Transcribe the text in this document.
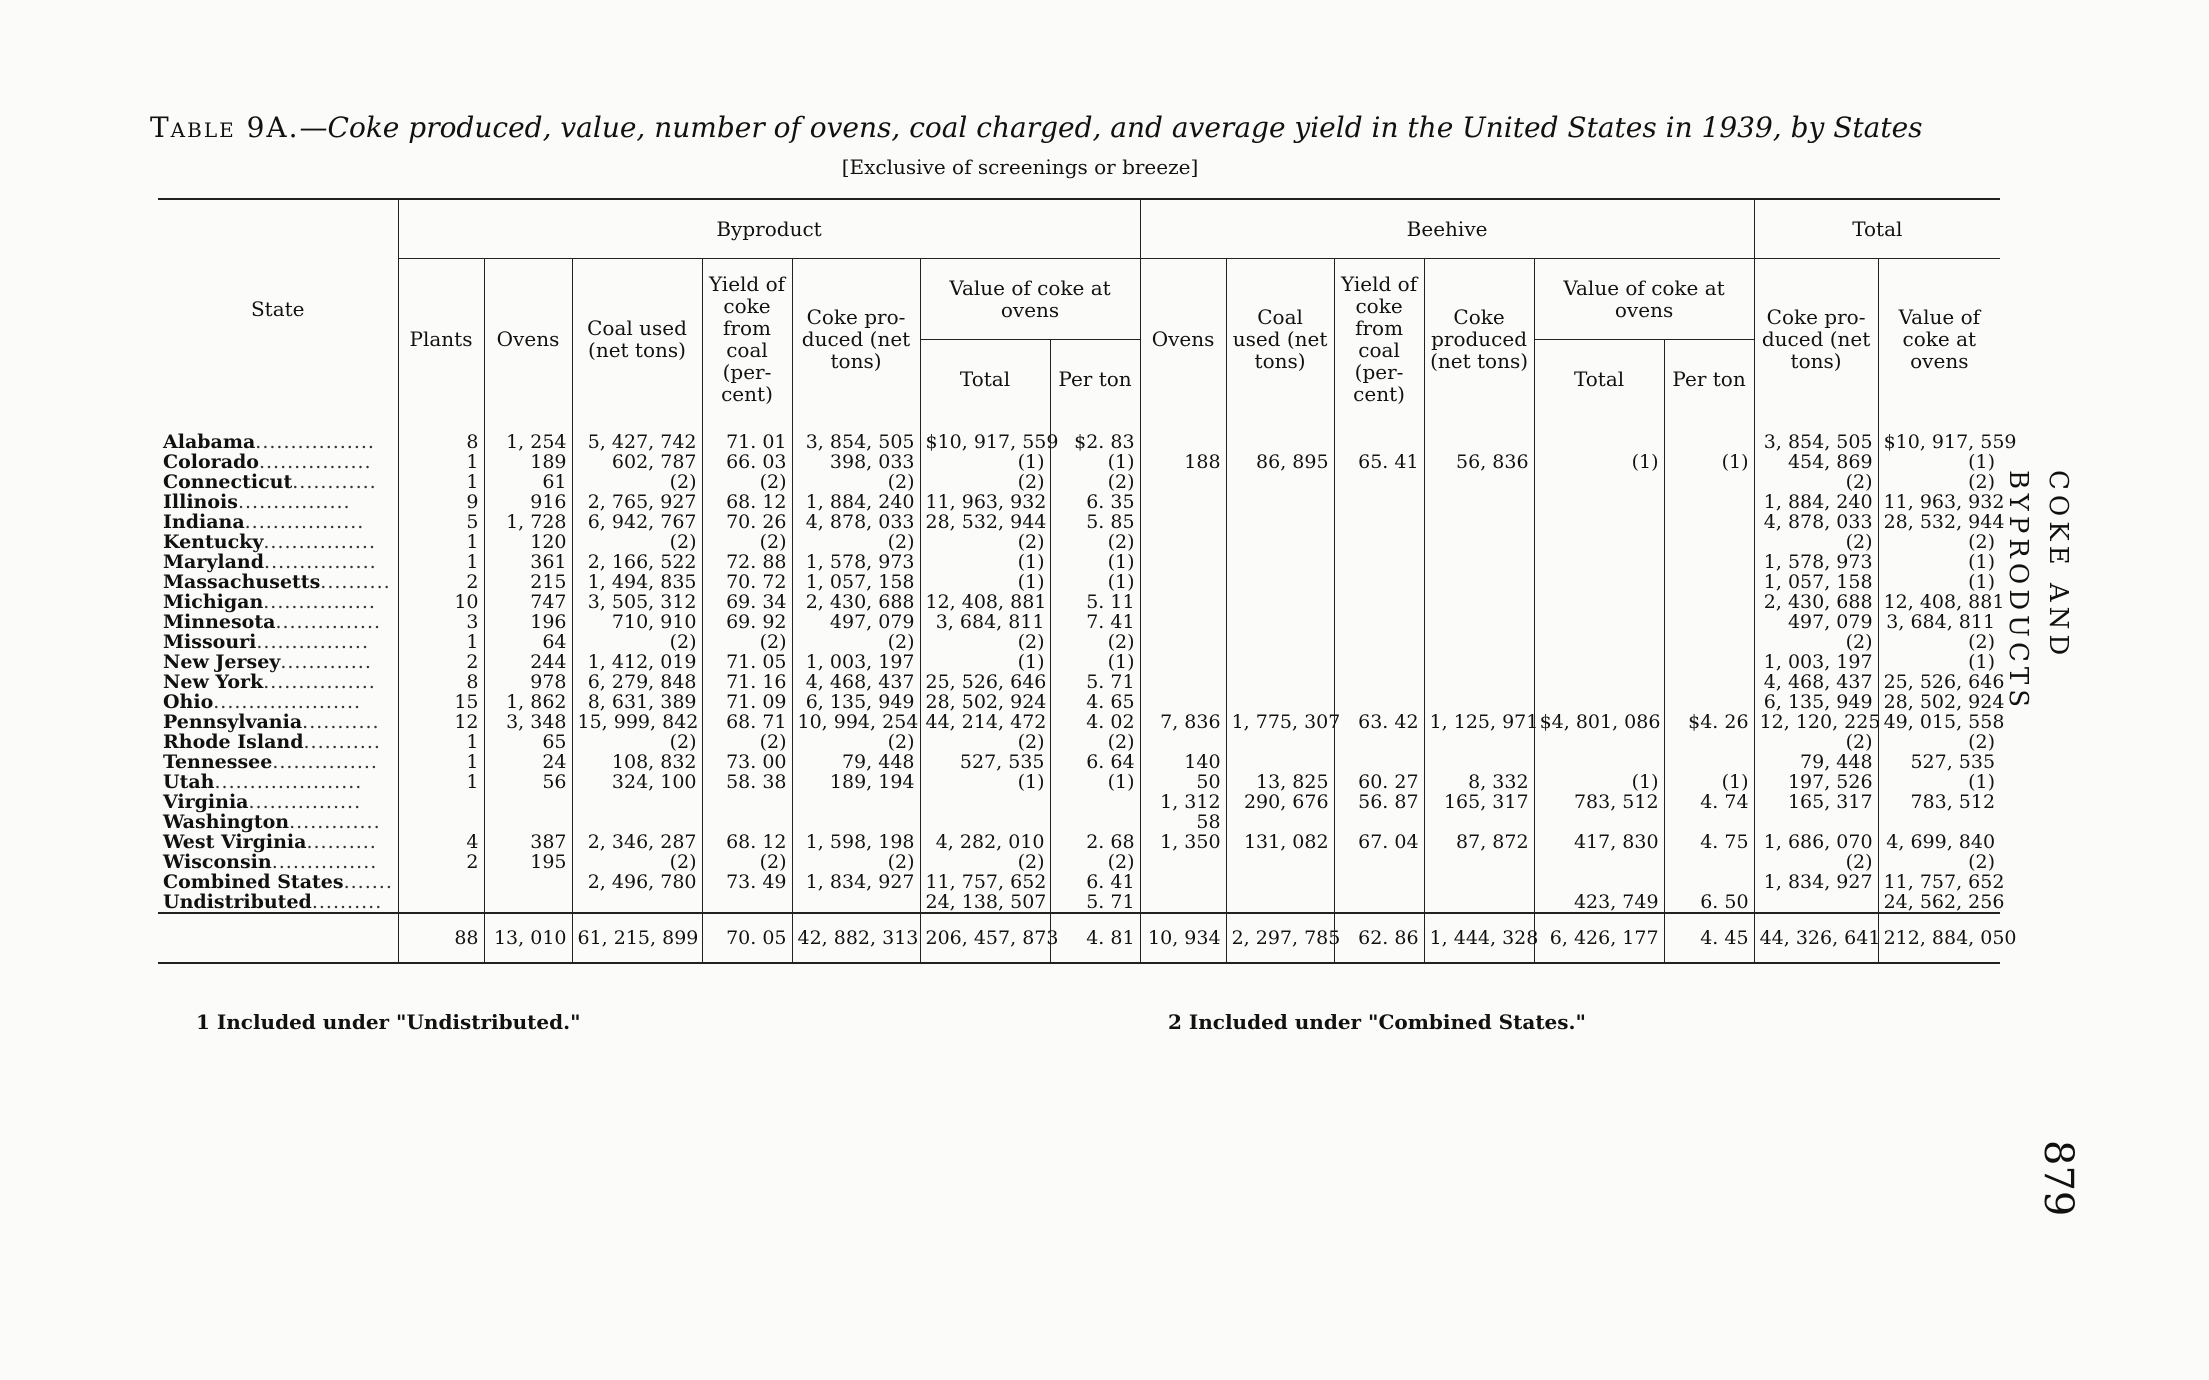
Table 9A.—Coke produced, value, number of ovens, coal charged, and average yield in the United States in 1939, by States
[Exclusive of screenings or breeze]
State	Byproduct							Beehive						Total	
	Plants	Ovens	Coal used (net tons)	Yield of coke from coal (per-cent)	Coke pro-duced (net tons)	Value of coke at ovens		Ovens	Coal used (net tons)	Yield of coke from coal (per-cent)	Coke produced (net tons)	Value of coke at ovens		Coke pro-duced (net tons)	Value of coke at ovens
						Total	Per ton					Total	Per ton		
Alabama.................	8	1, 254	5, 427, 742	71. 01	3, 854, 505	$10, 917, 559	$2. 83							3, 854, 505	$10, 917, 559
Colorado................	1	189	602, 787	66. 03	398, 033	(1)	(1)	188	86, 895	65. 41	56, 836	(1)	(1)	454, 869	(1)
Connecticut............	1	61	(2)	(2)	(2)	(2)	(2)							(2)	(2)
Illinois................	9	916	2, 765, 927	68. 12	1, 884, 240	11, 963, 932	6. 35							1, 884, 240	11, 963, 932
Indiana.................	5	1, 728	6, 942, 767	70. 26	4, 878, 033	28, 532, 944	5. 85							4, 878, 033	28, 532, 944
Kentucky................	1	120	(2)	(2)	(2)	(2)	(2)							(2)	(2)
Maryland................	1	361	2, 166, 522	72. 88	1, 578, 973	(1)	(1)							1, 578, 973	(1)
Massachusetts..........	2	215	1, 494, 835	70. 72	1, 057, 158	(1)	(1)							1, 057, 158	(1)
Michigan................	10	747	3, 505, 312	69. 34	2, 430, 688	12, 408, 881	5. 11							2, 430, 688	12, 408, 881
Minnesota...............	3	196	710, 910	69. 92	497, 079	3, 684, 811	7. 41							497, 079	3, 684, 811
Missouri................	1	64	(2)	(2)	(2)	(2)	(2)							(2)	(2)
New Jersey.............	2	244	1, 412, 019	71. 05	1, 003, 197	(1)	(1)							1, 003, 197	(1)
New York................	8	978	6, 279, 848	71. 16	4, 468, 437	25, 526, 646	5. 71							4, 468, 437	25, 526, 646
Ohio.....................	15	1, 862	8, 631, 389	71. 09	6, 135, 949	28, 502, 924	4. 65							6, 135, 949	28, 502, 924
Pennsylvania...........	12	3, 348	15, 999, 842	68. 71	10, 994, 254	44, 214, 472	4. 02	7, 836	1, 775, 307	63. 42	1, 125, 971	$4, 801, 086	$4. 26	12, 120, 225	49, 015, 558
Rhode Island...........	1	65	(2)	(2)	(2)	(2)	(2)							(2)	(2)
Tennessee...............	1	24	108, 832	73. 00	79, 448	527, 535	6. 64	140						79, 448	527, 535
Utah.....................	1	56	324, 100	58. 38	189, 194	(1)	(1)	50	13, 825	60. 27	8, 332	(1)	(1)	197, 526	(1)
Virginia................								1, 312	290, 676	56. 87	165, 317	783, 512	4. 74	165, 317	783, 512
Washington.............								58							
West Virginia..........	4	387	2, 346, 287	68. 12	1, 598, 198	4, 282, 010	2. 68	1, 350	131, 082	67. 04	87, 872	417, 830	4. 75	1, 686, 070	4, 699, 840
Wisconsin...............	2	195	(2)	(2)	(2)	(2)	(2)							(2)	(2)
Combined States.......			2, 496, 780	73. 49	1, 834, 927	11, 757, 652	6. 41							1, 834, 927	11, 757, 652
Undistributed..........						24, 138, 507	5. 71					423, 749	6. 50		24, 562, 256
	88	13, 010	61, 215, 899	70. 05	42, 882, 313	206, 457, 873	4. 81	10, 934	2, 297, 785	62. 86	1, 444, 328	6, 426, 177	4. 45	44, 326, 641	212, 884, 050
1 Included under "Undistributed."	2 Included under "Combined States."
COKE AND BYPRODUCTS
879
